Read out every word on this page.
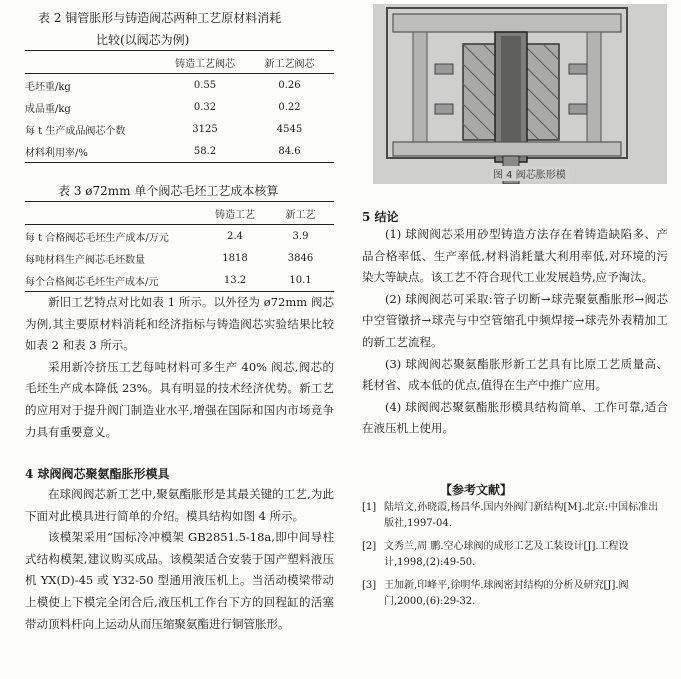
表 2 铜管胀形与铸造阀芯两种工艺原材料消耗
比较(以阀芯为例)
	铸造工艺阀芯	新工艺阀芯
毛坯重/kg	0.55	0.26
成品重/kg	0.32	0.22
每 t 生产成品阀芯个数	3125	4545
材料利用率/%	58.2	84.6
表 3 ø72mm 单个阀芯毛坯工艺成本核算
	铸造工艺	新工艺
每 t 合格阀芯毛坯生产成本/万元	2.4	3.9
每吨材料生产阀芯毛坯数量	1818	3846
每个合格阀芯毛坯生产成本/元	13.2	10.1

新旧工艺特点对比如表 1 所示。以外径为 ø72mm 阀芯为例,其主要原材料消耗和经济指标与铸造阀芯实验结果比较如表 2 和表 3 所示。

采用新冷挤压工艺每吨材料可多生产 40% 阀芯,阀芯的毛坯生产成本降低 23%。具有明显的技术经济优势。新工艺的应用对于提升阀门制造业水平,增强在国际和国内市场竞争力具有重要意义。

4 球阀阀芯聚氨酯胀形模具

在球阀阀芯新工艺中,聚氨酯胀形是其最关键的工艺,为此下面对此模具进行简单的介绍。模具结构如图 4 所示。

该模架采用“国标冷冲模架 GB2851.5-18a,即中间导柱式结构模架,建议购买成品。该模架适合安装于国产塑料液压机 YX(D)-45 或 Y32-50 型通用液压机上。当活动模梁带动上模使上下模完全闭合后,液压机工作台下方的回程缸的活塞带动顶料杆向上运动从而压缩聚氨酯进行铜管胀形。

图 4 阀芯胀形模
5 结论

(1) 球阀阀芯采用砂型铸造方法存在着铸造缺陷多、产品合格率低、生产率低,材料消耗量大利用率低,对环境的污染大等缺点。该工艺不符合现代工业发展趋势,应予淘汰。

(2) 球阀阀芯可采取:管子切断→球壳聚氨酯胀形→阀芯中空管镦挤→球壳与中空管缩孔中频焊接→球壳外表精加工的新工艺流程。

(3) 球阀阀芯聚氨酯胀形新工艺具有比原工艺质量高、耗材省、成本低的优点,值得在生产中推广应用。

(4) 球阀阀芯聚氨酯胀形模具结构简单、工作可靠,适合在液压机上使用。

【参考文献】
[1] 陆培文,孙晓霞,杨昌华.国内外阀门新结构[M].北京:中国标准出版社,1997-04.
[2] 文秀兰,周 鹏.空心球阀的成形工艺及工装设计[J].工程设计,1998,(2):49-50.
[3] 王加新,印峰平,徐明华.球阀密封结构的分析及研究[J].阀门,2000,(6):29-32.
